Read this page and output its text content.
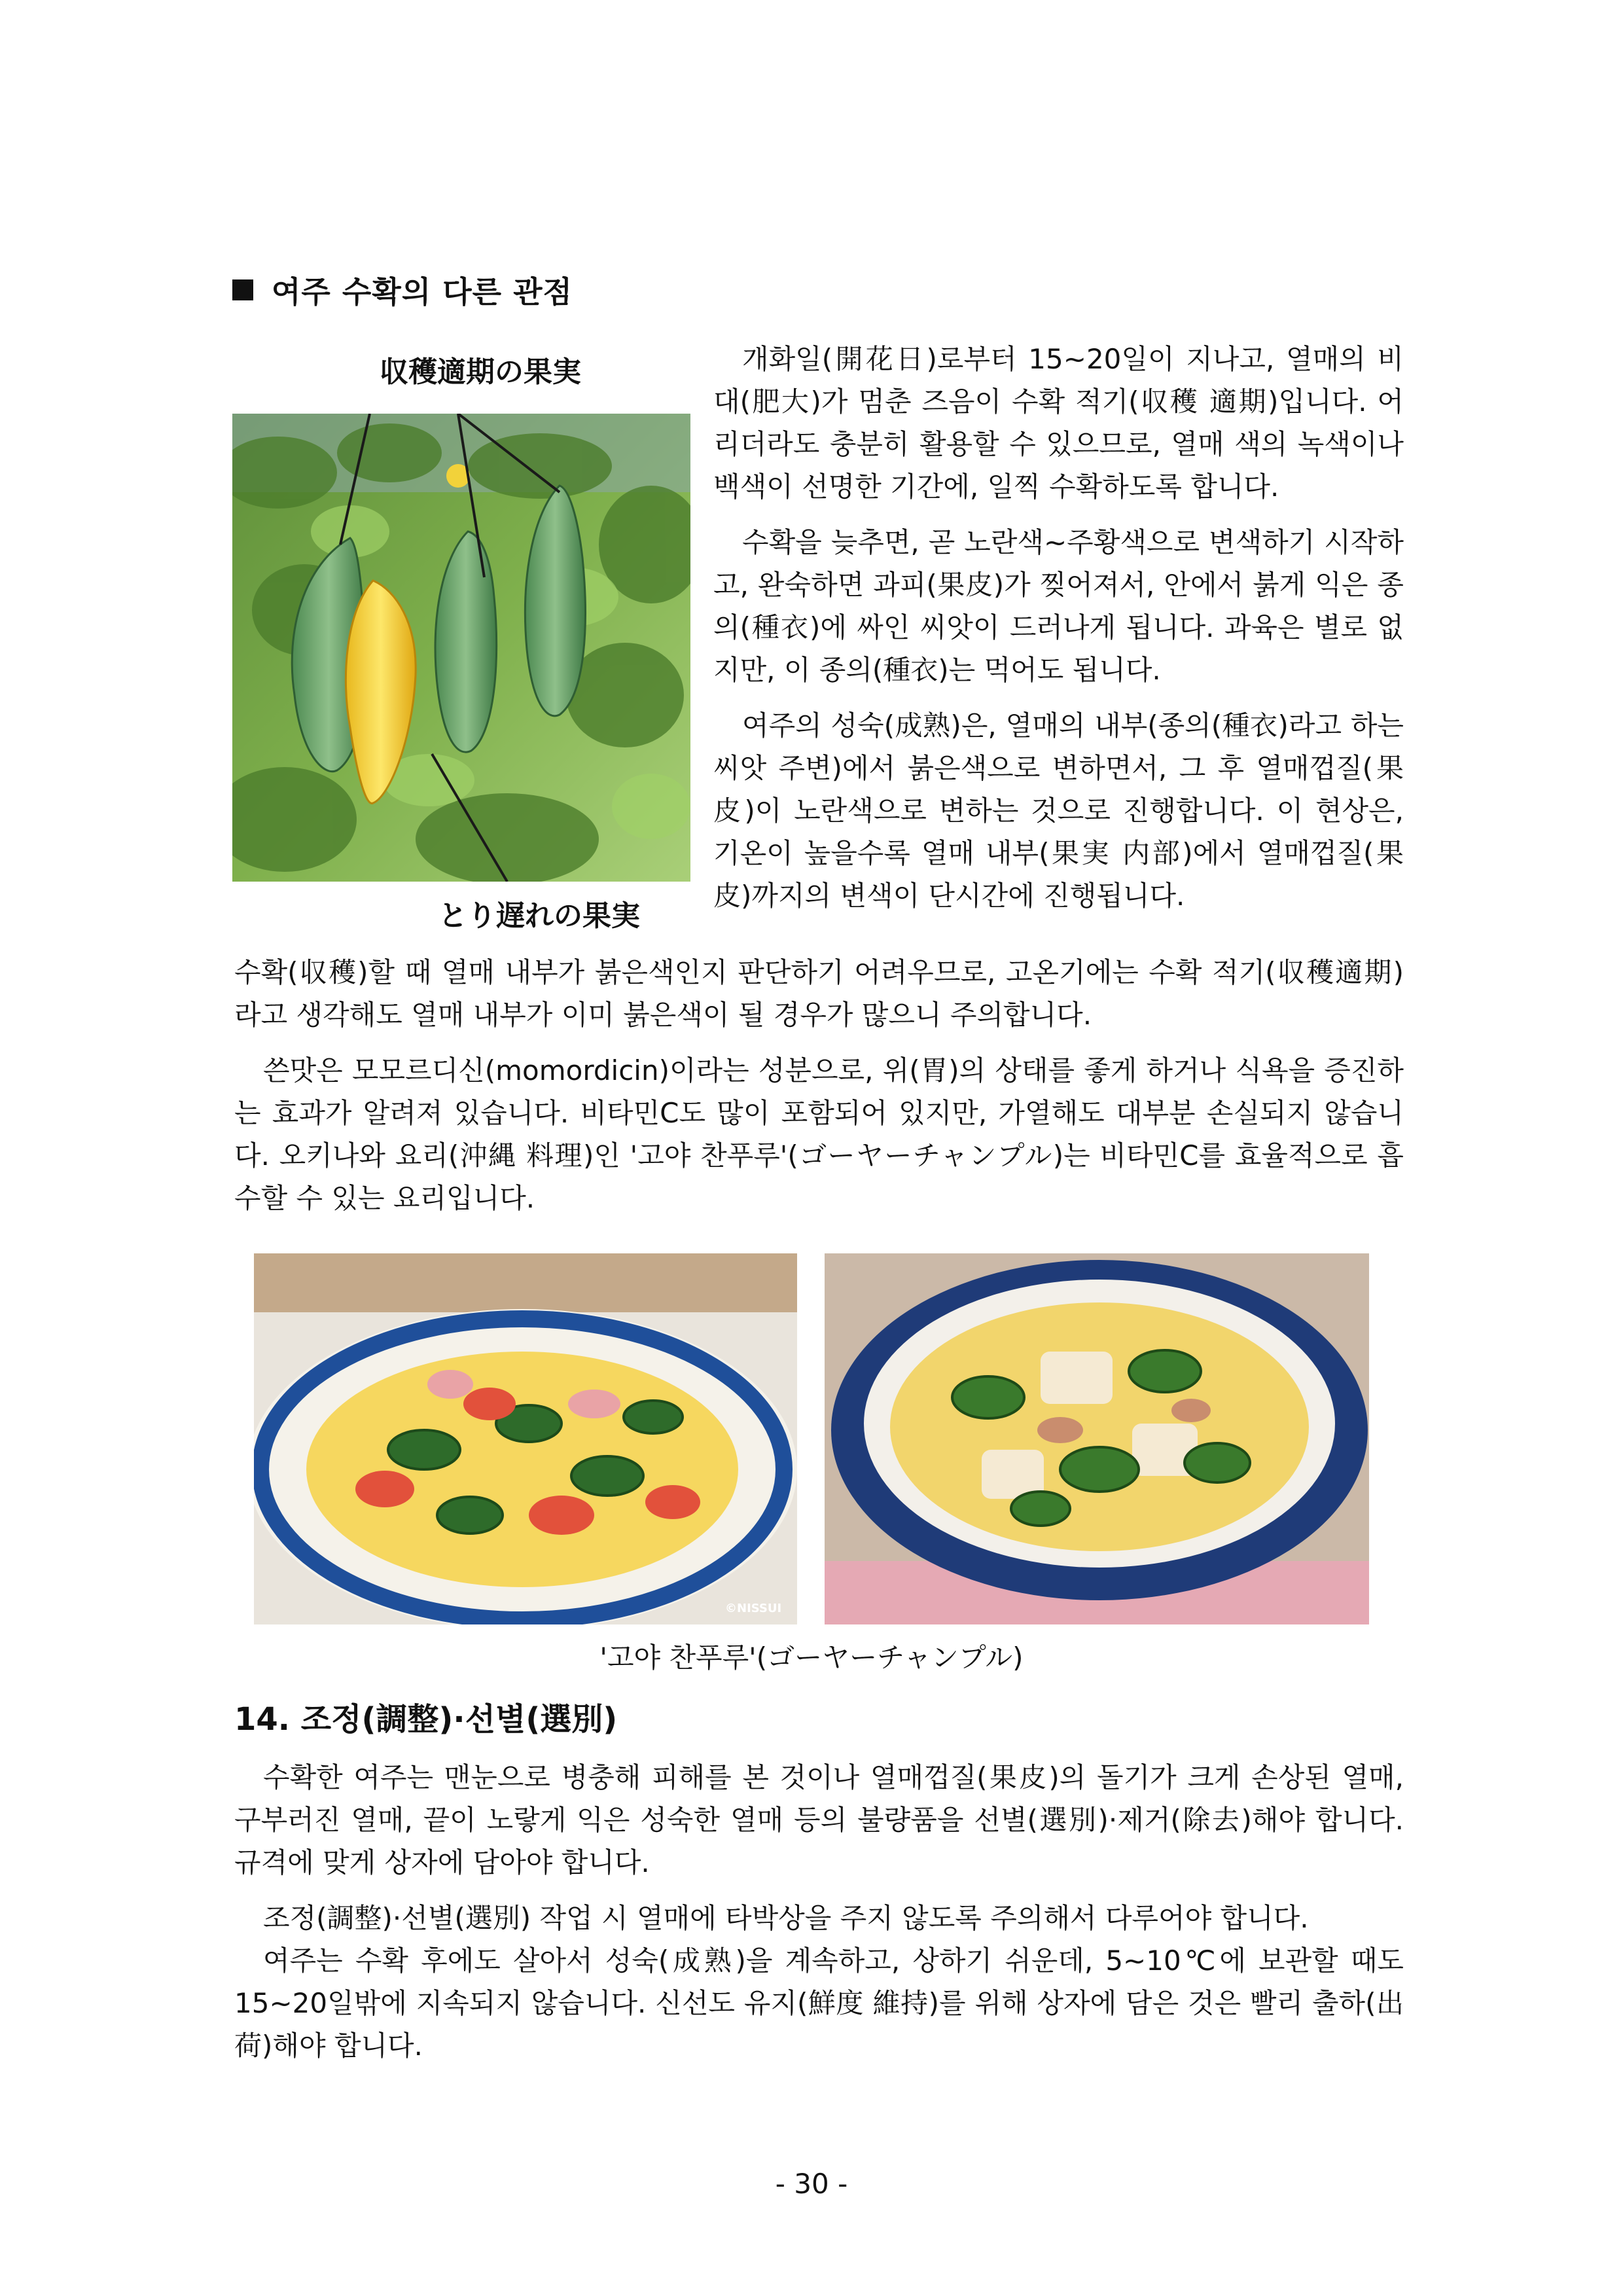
여주 수확의 다른 관점
収穫適期の果実
とり遅れの果実

개화일(開花日)로부터 15~20일이 지나고, 열매의 비대(肥大)가 멈춘 즈음이 수확 적기(収穫 適期)입니다. 어리더라도 충분히 활용할 수 있으므로, 열매 색의 녹색이나 백색이 선명한 기간에, 일찍 수확하도록 합니다.

수확을 늦추면, 곧 노란색~주황색으로 변색하기 시작하고, 완숙하면 과피(果皮)가 찢어져서, 안에서 붉게 익은 종의(種衣)에 싸인 씨앗이 드러나게 됩니다. 과육은 별로 없지만, 이 종의(種衣)는 먹어도 됩니다.

여주의 성숙(成熟)은, 열매의 내부(종의(種衣)라고 하는 씨앗 주변)에서 붉은색으로 변하면서, 그 후 열매껍질(果皮)이 노란색으로 변하는 것으로 진행합니다. 이 현상은, 기온이 높을수록 열매 내부(果実 内部)에서 열매껍질(果皮)까지의 변색이 단시간에 진행됩니다.

수확(収穫)할 때 열매 내부가 붉은색인지 판단하기 어려우므로, 고온기에는 수확 적기(収穫適期)라고 생각해도 열매 내부가 이미 붉은색이 될 경우가 많으니 주의합니다.

쓴맛은 모모르디신(momordicin)이라는 성분으로, 위(胃)의 상태를 좋게 하거나 식욕을 증진하는 효과가 알려져 있습니다. 비타민C도 많이 포함되어 있지만, 가열해도 대부분 손실되지 않습니다. 오키나와 요리(沖縄 料理)인 '고야 찬푸루'(ゴーヤーチャンプル)는 비타민C를 효율적으로 흡수할 수 있는 요리입니다.

©NISSUI
'고야 찬푸루'(ゴーヤーチャンプル)
14. 조정(調整)·선별(選別)

수확한 여주는 맨눈으로 병충해 피해를 본 것이나 열매껍질(果皮)의 돌기가 크게 손상된 열매, 구부러진 열매, 끝이 노랗게 익은 성숙한 열매 등의 불량품을 선별(選別)·제거(除去)해야 합니다. 규격에 맞게 상자에 담아야 합니다.

조정(調整)·선별(選別) 작업 시 열매에 타박상을 주지 않도록 주의해서 다루어야 합니다.

여주는 수확 후에도 살아서 성숙(成熟)을 계속하고, 상하기 쉬운데, 5~10℃에 보관할 때도 15~20일밖에 지속되지 않습니다. 신선도 유지(鮮度 維持)를 위해 상자에 담은 것은 빨리 출하(出荷)해야 합니다.

- 30 -
